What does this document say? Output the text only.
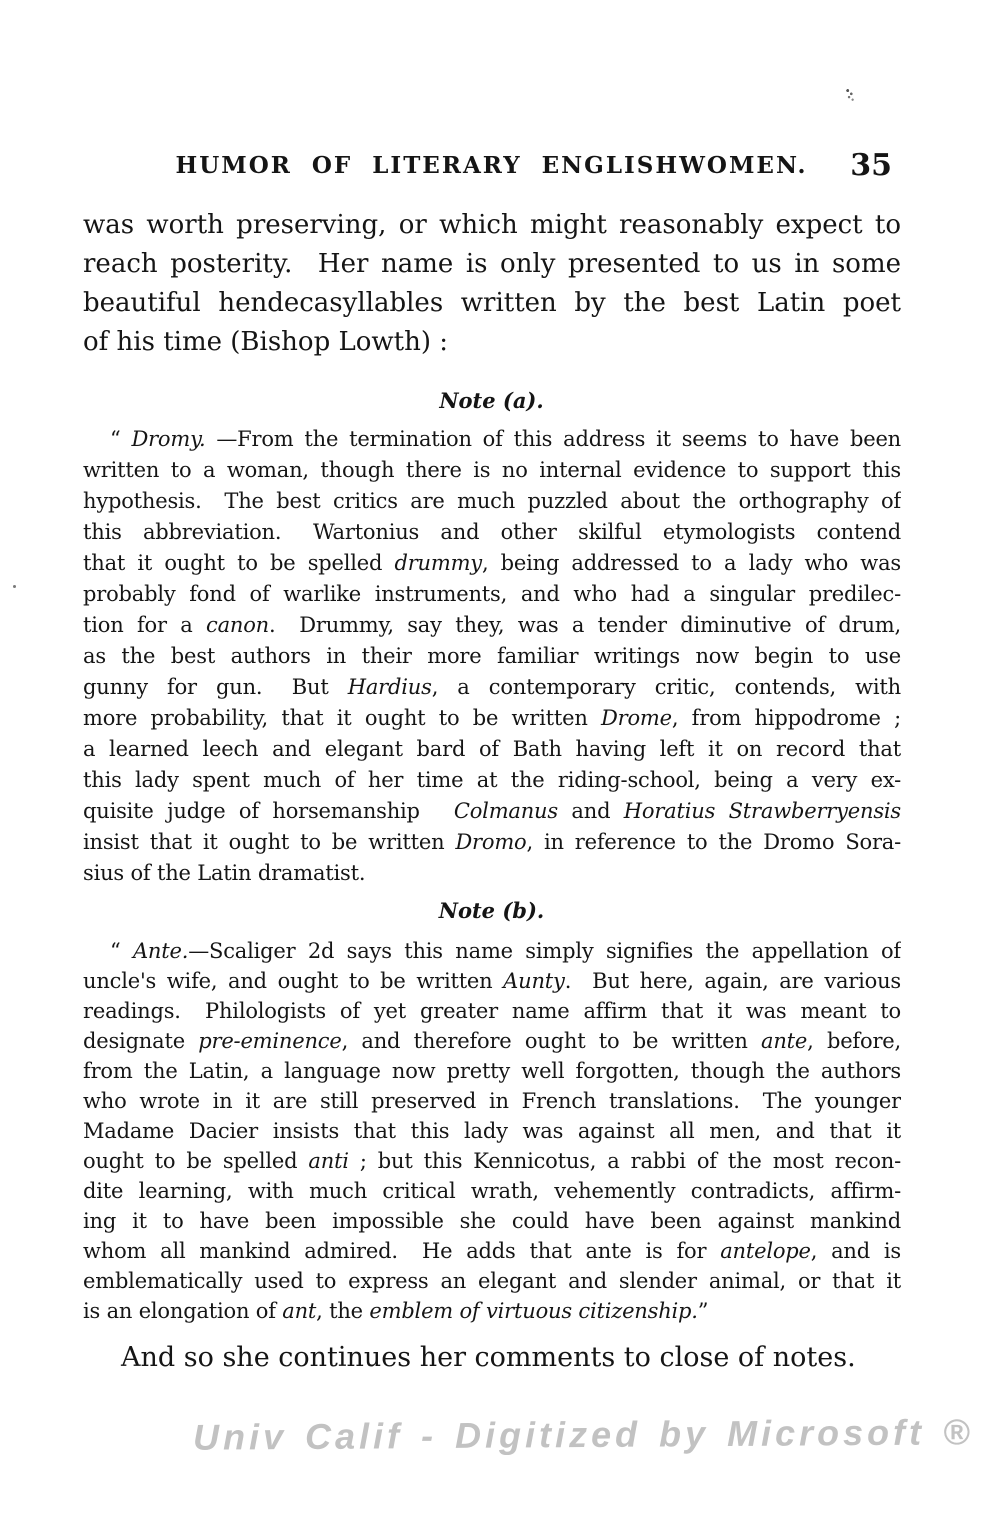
HUMOR OF LITERARY ENGLISHWOMEN.	35
was worth preserving, or which might reasonably expect to
reach posterity.  Her name is only presented to us in some
beautiful hendecasyllables written by the best Latin poet
of his time (Bishop Lowth) :
Note (a).
“ Dromy. —From the termination of this address it seems to have been
written to a woman, though there is no internal evidence to support this
hypothesis.  The best critics are much puzzled about the orthography of
this abbreviation.  Wartonius and other skilful etymologists contend
that it ought to be spelled drummy, being addressed to a lady who was
probably fond of warlike instruments, and who had a singular predilec-
tion for a canon.  Drummy, say they, was a tender diminutive of drum,
as the best authors in their more familiar writings now begin to use
gunny for gun.  But Hardius, a contemporary critic, contends, with
more probability, that it ought to be written Drome, from hippodrome ;
a learned leech and elegant bard of Bath having left it on record that
this lady spent much of her time at the riding-school, being a very ex-
quisite judge of horsemanship   Colmanus and Horatius Strawberryensis
insist that it ought to be written Dromo, in reference to the Dromo Sora-
sius of the Latin dramatist.
Note (b).
“ Ante.—Scaliger 2d says this name simply signifies the appellation of
uncle's wife, and ought to be written Aunty.  But here, again, are various
readings.  Philologists of yet greater name affirm that it was meant to
designate pre-eminence, and therefore ought to be written ante, before,
from the Latin, a language now pretty well forgotten, though the authors
who wrote in it are still preserved in French translations.  The younger
Madame Dacier insists that this lady was against all men, and that it
ought to be spelled anti ; but this Kennicotus, a rabbi of the most recon-
dite learning, with much critical wrath, vehemently contradicts, affirm-
ing it to have been impossible she could have been against mankind
whom all mankind admired.  He adds that ante is for antelope, and is
emblematically used to express an elegant and slender animal, or that it
is an elongation of ant, the emblem of virtuous citizenship.”
And so she continues her comments to close of notes.
Univ Calif - Digitized by Microsoft ®
